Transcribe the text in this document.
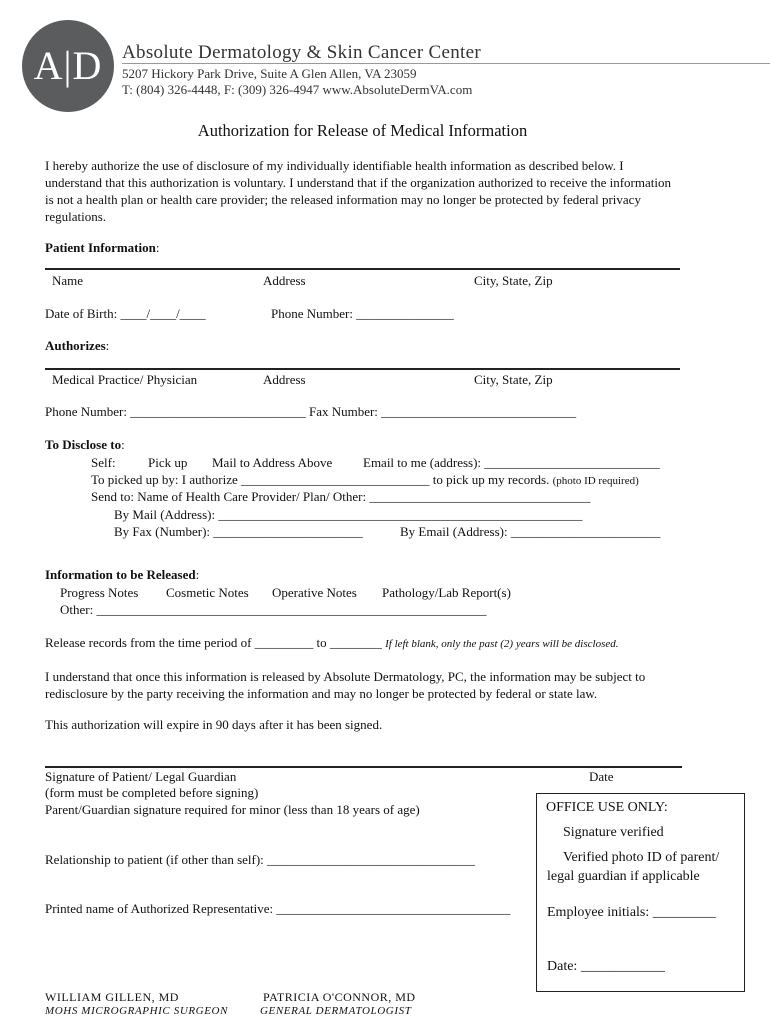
A|D	Absolute Dermatology & Skin Cancer Center
5207 Hickory Park Drive, Suite A Glen Allen, VA 23059
T: (804) 326-4448, F: (309) 326-4947 www.AbsoluteDermVA.com
Authorization for Release of Medical Information
I hereby authorize the use of disclosure of my individually identifiable health information as described below. I understand that this authorization is voluntary. I understand that if the organization authorized to receive the information is not a health plan or health care provider; the released information may no longer be protected by federal privacy regulations.
Patient Information:
Name	Address	City, State, Zip
Date of Birth: ____/____/____	Phone Number: _______________
Authorizes:
Medical Practice/ Physician	Address	City, State, Zip
Phone Number: ___________________________ Fax Number: ______________________________
To Disclose to:
Self: Pick up Mail to Address Above Email to me (address): ___________________________
To picked up by: I authorize _____________________________ to pick up my records. (photo ID required)
Send to: Name of Health Care Provider/ Plan/ Other: __________________________________
By Mail (Address): ________________________________________________________
By Fax (Number): _______________________	By Email (Address): _______________________
Information to be Released:
Progress Notes Cosmetic Notes Operative Notes Pathology/Lab Report(s)
Other: ____________________________________________________________
Release records from the time period of _________ to ________ If left blank, only the past (2) years will be disclosed.
I understand that once this information is released by Absolute Dermatology, PC, the information may be subject to redisclosure by the party receiving the information and may no longer be protected by federal or state law.
This authorization will expire in 90 days after it has been signed.
Signature of Patient/ Legal Guardian	Date
(form must be completed before signing)
Parent/Guardian signature required for minor (less than 18 years of age)
Relationship to patient (if other than self): ________________________________
Printed name of Authorized Representative: ____________________________________
OFFICE USE ONLY:
Signature verified
Verified photo ID of parent/
legal guardian if applicable
Employee initials: _________
Date: ____________
WILLIAM GILLEN, MD
MOHS MICROGRAPHIC SURGEON
PATRICIA O'CONNOR, MD
GENERAL DERMATOLOGIST
